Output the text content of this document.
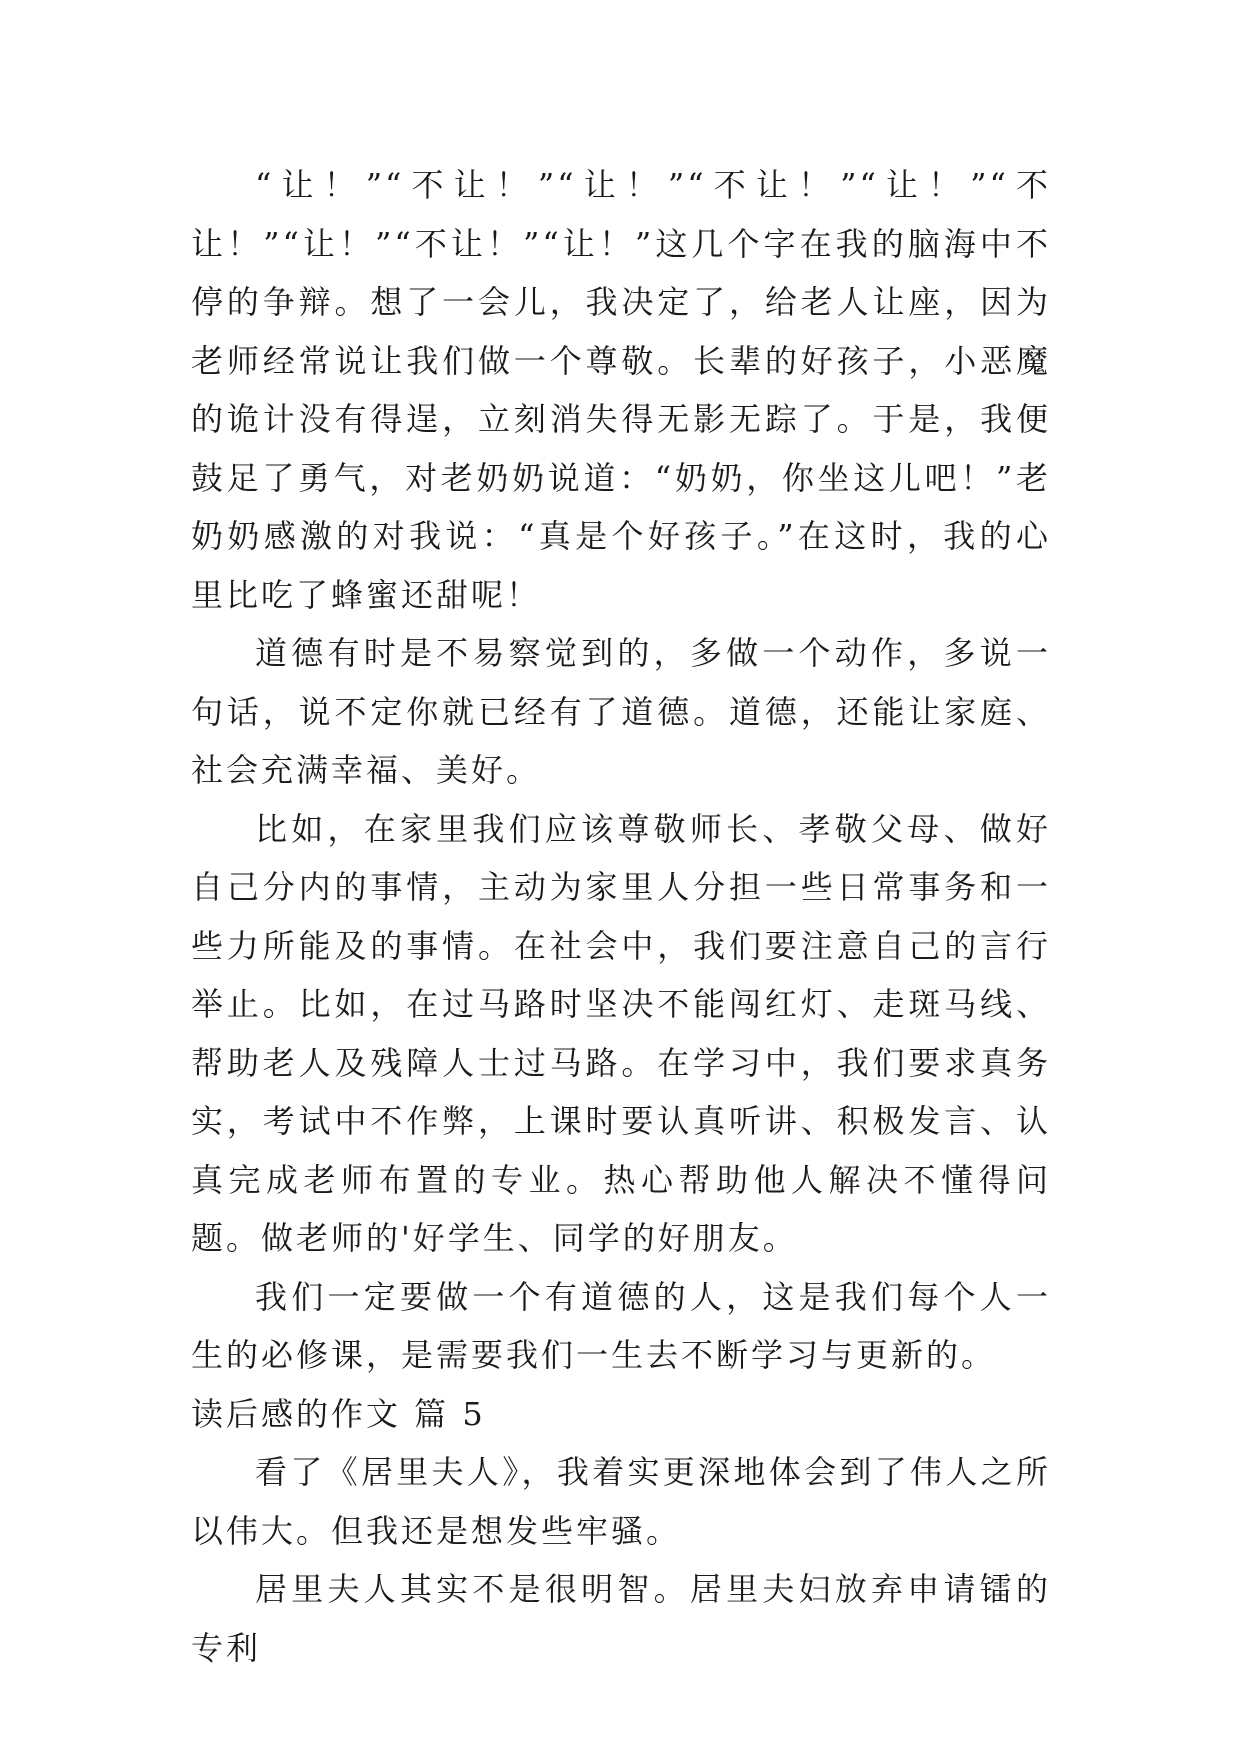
“让！”“不让！”“让！”“不让！”“让！”“不让！”“让！”“不让！”“让！”这几个字在我的脑海中不停的争辩。想了一会儿，我决定了，给老人让座，因为老师经常说让我们做一个尊敬。长辈的好孩子，小恶魔的诡计没有得逞，立刻消失得无影无踪了。于是，我便鼓足了勇气，对老奶奶说道：“奶奶，你坐这儿吧！”老奶奶感激的对我说：“真是个好孩子。”在这时，我的心里比吃了蜂蜜还甜呢！

道德有时是不易察觉到的，多做一个动作，多说一句话，说不定你就已经有了道德。道德，还能让家庭、社会充满幸福、美好。

比如，在家里我们应该尊敬师长、孝敬父母、做好自己分内的事情，主动为家里人分担一些日常事务和一些力所能及的事情。在社会中，我们要注意自己的言行举止。比如，在过马路时坚决不能闯红灯、走斑马线、帮助老人及残障人士过马路。在学习中，我们要求真务实，考试中不作弊，上课时要认真听讲、积极发言、认真完成老师布置的专业。热心帮助他人解决不懂得问题。做老师的'好学生、同学的好朋友。

我们一定要做一个有道德的人，这是我们每个人一生的必修课，是需要我们一生去不断学习与更新的。

读后感的作文 篇 5

看了《居里夫人》，我着实更深地体会到了伟人之所以伟大。但我还是想发些牢骚。

居里夫人其实不是很明智。居里夫妇放弃申请镭的专利
